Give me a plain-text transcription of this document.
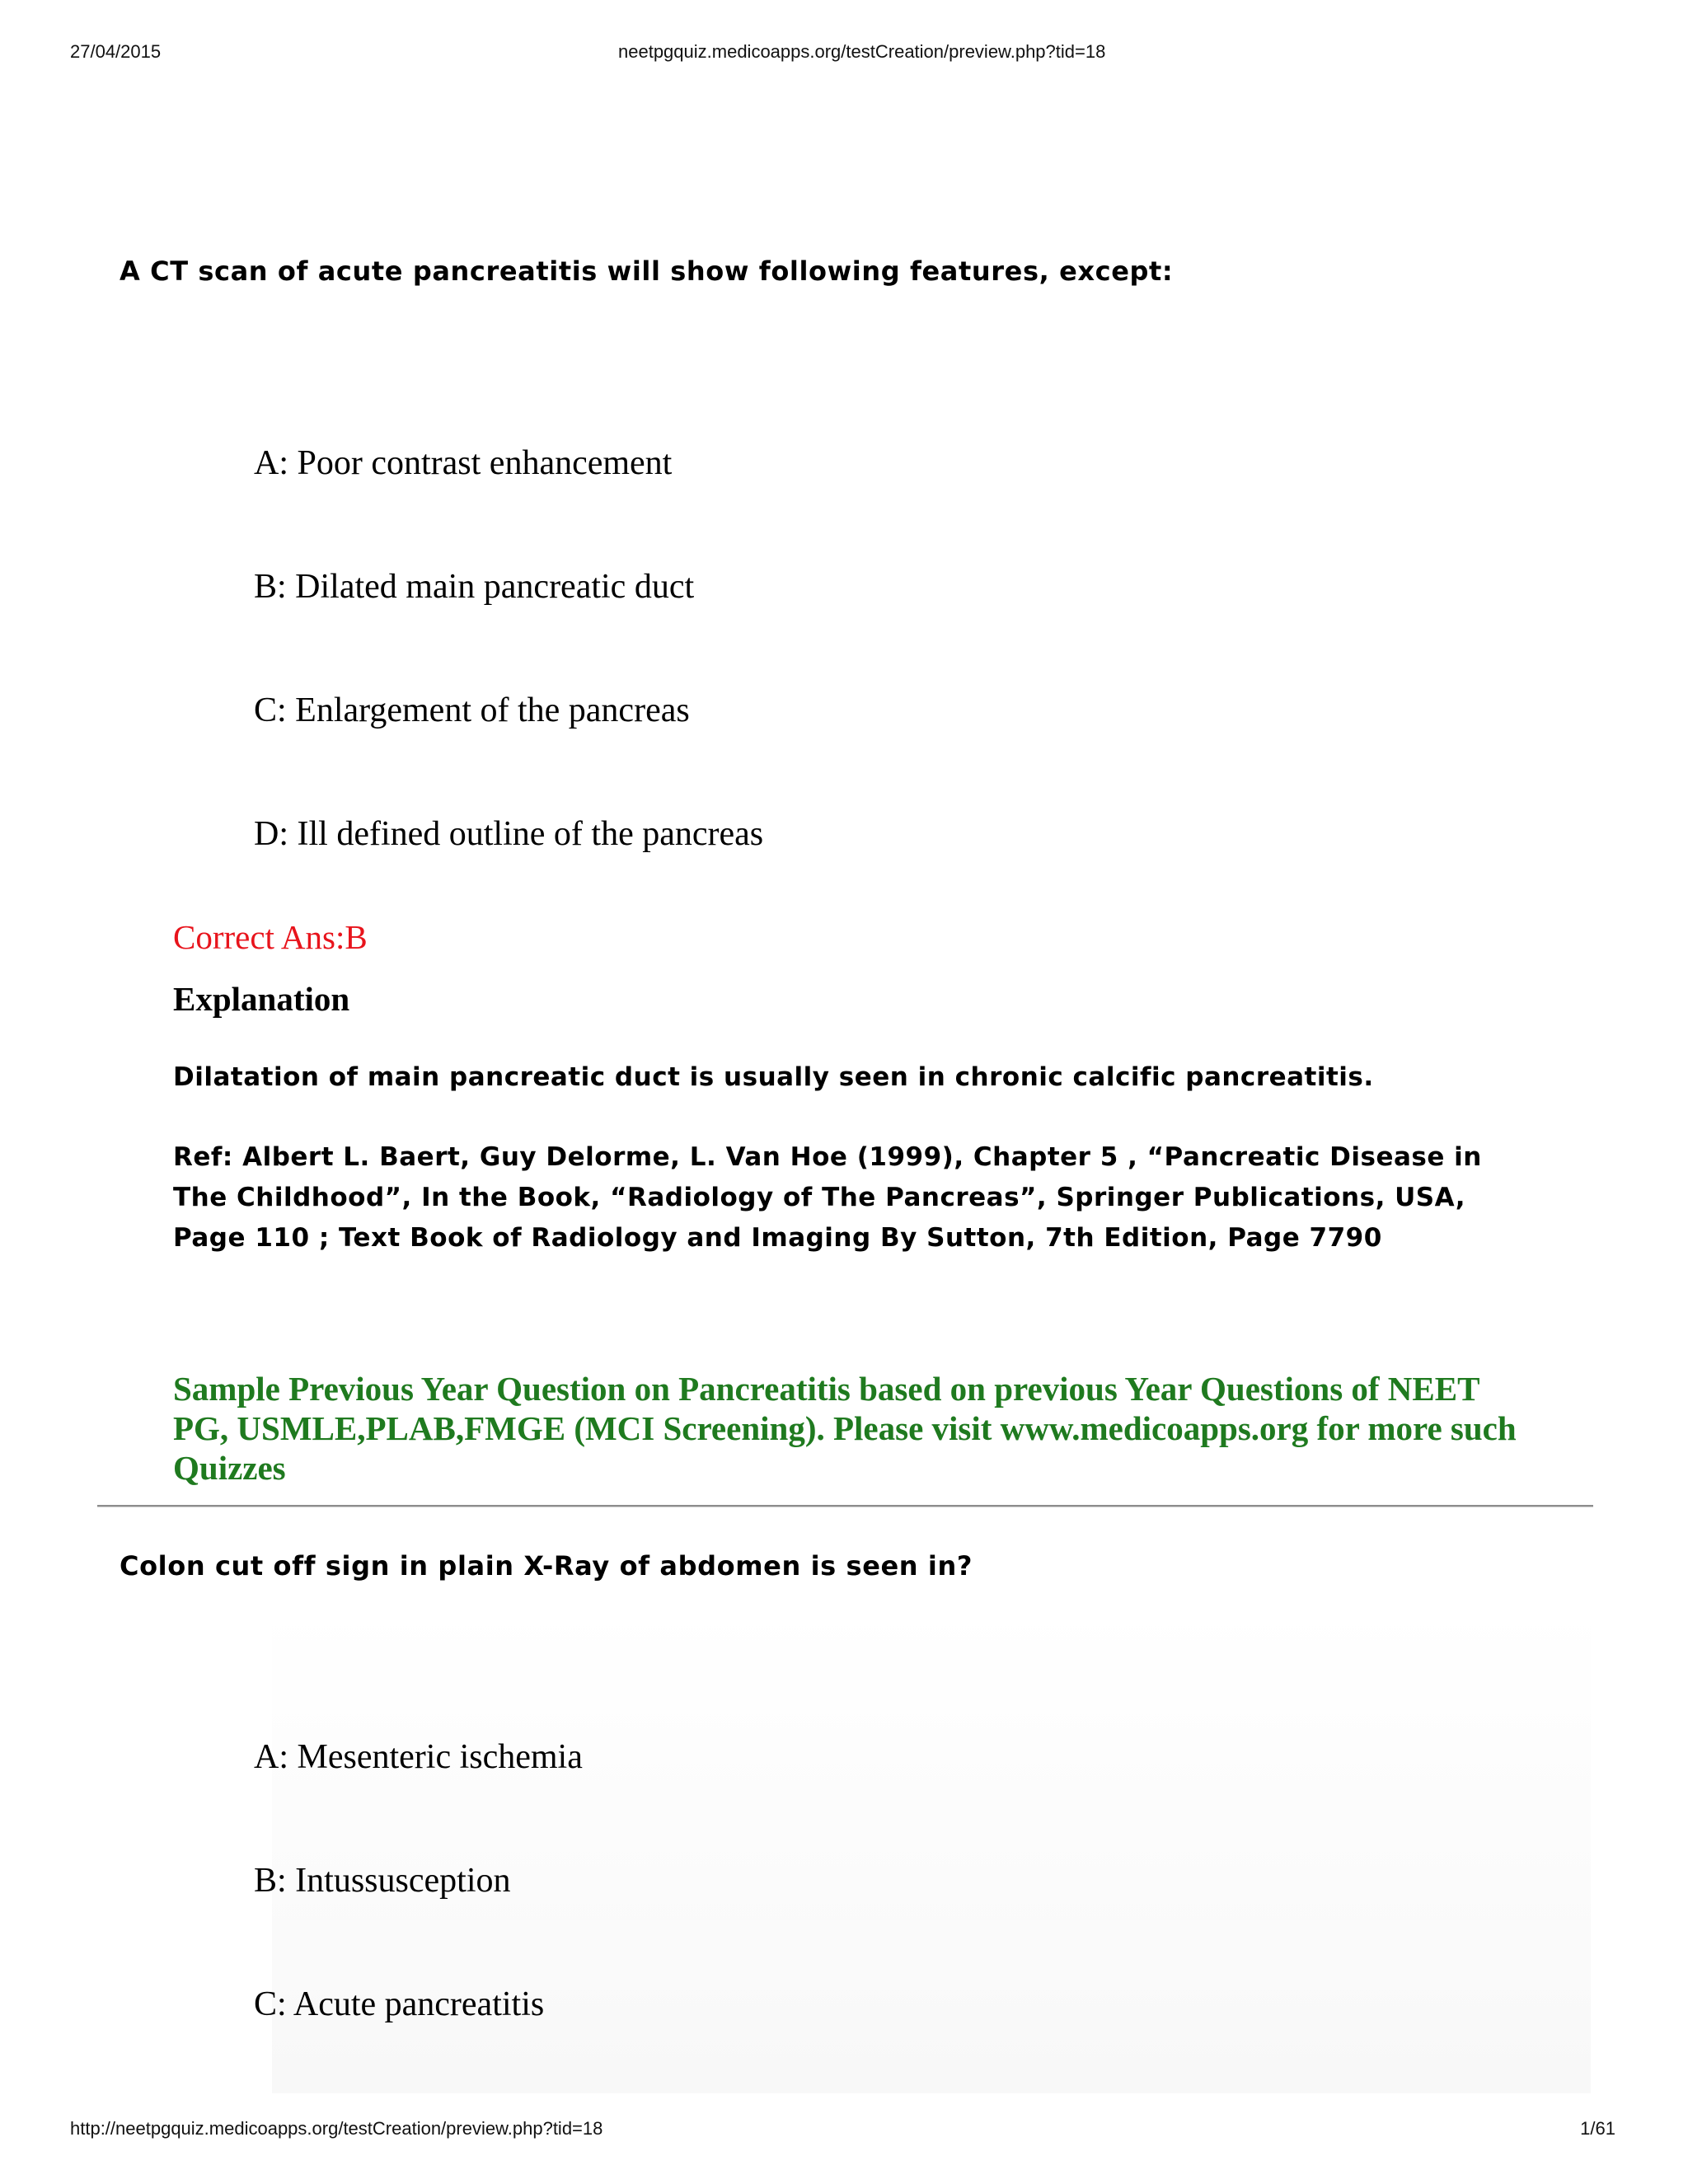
27/04/2015	neetpgquiz.medicoapps.org/testCreation/preview.php?tid=18

A CT scan of acute pancreatitis will show following features, except:

A: Poor contrast enhancement

B: Dilated main pancreatic duct

C: Enlargement of the pancreas

D: Ill defined outline of the pancreas

Correct Ans:B
Explanation

Dilatation of main pancreatic duct is usually seen in chronic calcific pancreatitis.

Ref: Albert L. Baert, Guy Delorme, L. Van Hoe (1999), Chapter 5 , “Pancreatic Disease in The Childhood”, In the Book, “Radiology of The Pancreas”, Springer Publications, USA, Page 110 ; Text Book of Radiology and Imaging By Sutton, 7th Edition, Page 7790

Sample Previous Year Question on Pancreatitis based on previous Year Questions of NEET PG, USMLE,PLAB,FMGE (MCI Screening). Please visit www.medicoapps.org for more such Quizzes

Colon cut off sign in plain X-Ray of abdomen is seen in?

A: Mesenteric ischemia

B: Intussusception

C: Acute pancreatitis

http://neetpgquiz.medicoapps.org/testCreation/preview.php?tid=18	1/61
